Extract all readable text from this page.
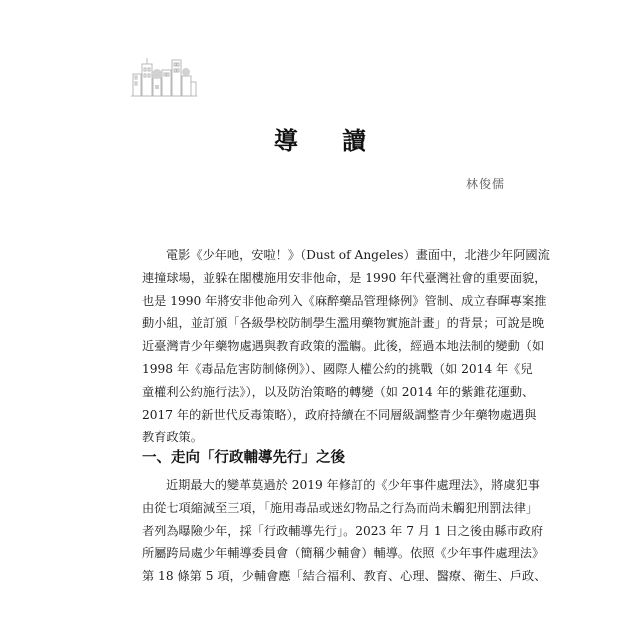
導 讀
林俊儒
電影《少年吔，安啦！》（Dust of Angeles）畫面中，北港少年阿國流
連撞球場，並躲在閣樓施用安非他命，是 1990 年代臺灣社會的重要面貌，
也是 1990 年將安非他命列入《麻醉藥品管理條例》管制、成立春暉專案推
動小組，並訂頒「各級學校防制學生濫用藥物實施計畫」的背景；可說是晚
近臺灣青少年藥物處遇與教育政策的濫觴。此後，經過本地法制的變動（如
1998 年《毒品危害防制條例》）、國際人權公約的挑戰（如 2014 年《兒
童權利公約施行法》），以及防治策略的轉變（如 2014 年的紫錐花運動、
2017 年的新世代反毒策略），政府持續在不同層級調整青少年藥物處遇與
教育政策。
一、走向「行政輔導先行」之後
近期最大的變革莫過於 2019 年修訂的《少年事件處理法》，將虞犯事
由從七項縮減至三項，「施用毒品或迷幻物品之行為而尚未觸犯刑罰法律」
者列為曝險少年，採「行政輔導先行」。2023 年 7 月 1 日之後由縣市政府
所屬跨局處少年輔導委員會（簡稱少輔會）輔導。依照《少年事件處理法》
第 18 條第 5 項，少輔會應「結合福利、教育、心理、醫療、衛生、戶政、
